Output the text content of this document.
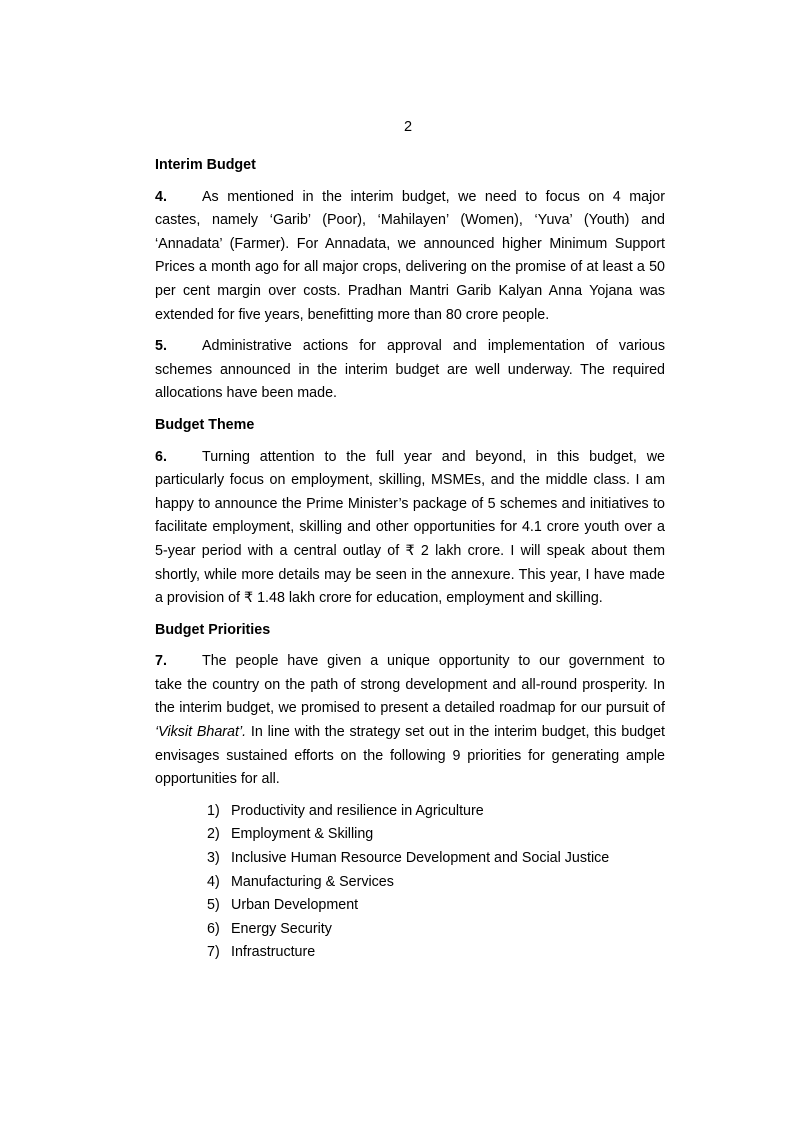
2
Interim Budget
4. As mentioned in the interim budget, we need to focus on 4 major
castes, namely ‘Garib’ (Poor), ‘Mahilayen’ (Women), ‘Yuva’ (Youth) and ‘Annadata’ (Farmer). For Annadata, we announced higher Minimum Support Prices a month ago for all major crops, delivering on the promise of at least a 50 per cent margin over costs. Pradhan Mantri Garib Kalyan Anna Yojana was extended for five years, benefitting more than 80 crore people.
5. Administrative actions for approval and implementation of various
schemes announced in the interim budget are well underway. The required allocations have been made.
Budget Theme
6. Turning attention to the full year and beyond, in this budget, we
particularly focus on employment, skilling, MSMEs, and the middle class. I am happy to announce the Prime Minister’s package of 5 schemes and initiatives to facilitate employment, skilling and other opportunities for 4.1 crore youth over a 5-year period with a central outlay of ₹ 2 lakh crore. I will speak about them shortly, while more details may be seen in the annexure. This year, I have made a provision of ₹ 1.48 lakh crore for education, employment and skilling.
Budget Priorities
7. The people have given a unique opportunity to our government to
take the country on the path of strong development and all-round prosperity. In the interim budget, we promised to present a detailed roadmap for our pursuit of ‘Viksit Bharat’. In line with the strategy set out in the interim budget, this budget envisages sustained efforts on the following 9 priorities for generating ample opportunities for all.
1) Productivity and resilience in Agriculture
2) Employment & Skilling
3) Inclusive Human Resource Development and Social Justice
4) Manufacturing & Services
5) Urban Development
6) Energy Security
7) Infrastructure
